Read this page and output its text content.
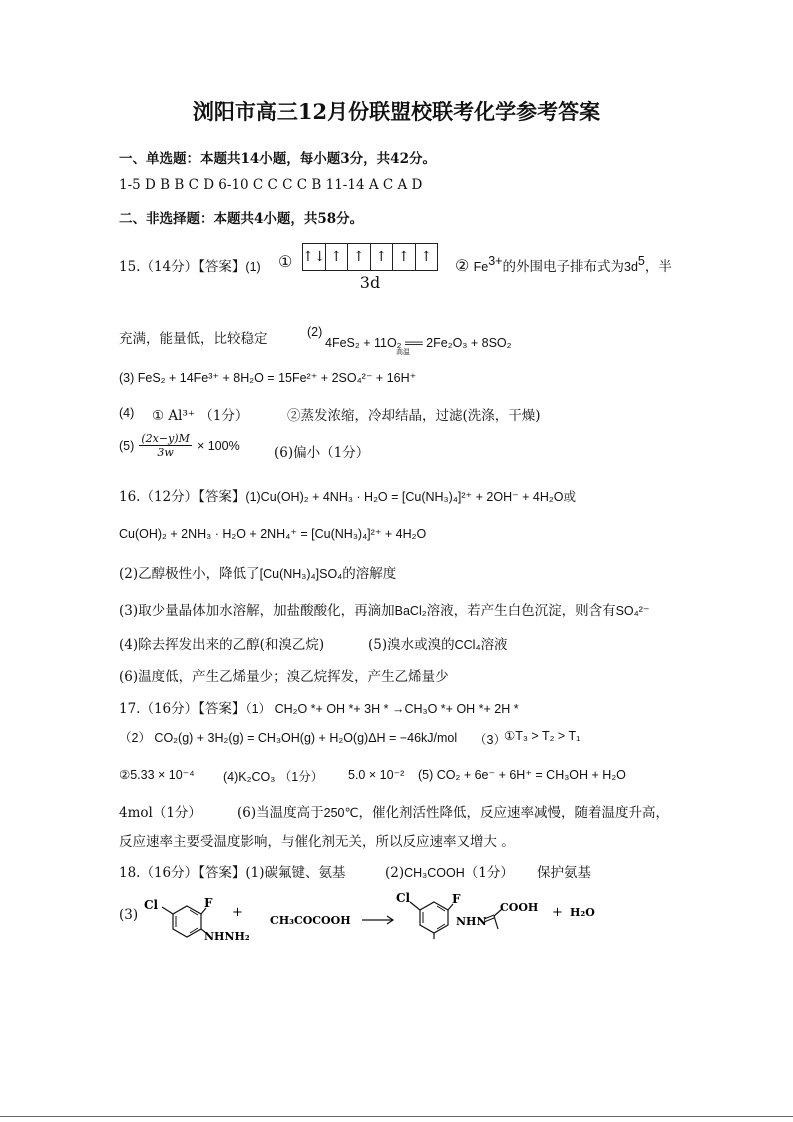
浏阳市高三12月份联盟校联考化学参考答案
一、单选题：本题共14小题，每小题3分，共42分。
1-5 D B B C D 6-10 C C C C B 11-14 A C A D
二、非选择题：本题共4小题，共58分。
15.（14分）【答案】(1) ① ↑↓ ↑ ↑ ↑ ↑ ↑
3d
② $Fe^{3+}$的外围电子排布式为$3d^5$，半
充满，能量低，比较稳定	(2)
4FeS₂ + 11O₂ ══ 2Fe₂O₃ + 8SO₂
高温
(3) FeS₂ + 14Fe³⁺ + 8H₂O = 15Fe²⁺ + 2SO₄²⁻ + 16H⁺
(4) ① Al³⁺ （1分）	②蒸发浓缩，冷却结晶，过滤(洗涤，干燥)
$(5) \frac{(2x-y)M}{3w} \times 100\%$	(6)偏小（1分）
16.（12分）【答案】(1)Cu(OH)₂ + 4NH₃ · H₂O = [Cu(NH₃)₄]²⁺ + 2OH⁻ + 4H₂O或
Cu(OH)₂ + 2NH₃ · H₂O + 2NH₄⁺ = [Cu(NH₃)₄]²⁺ + 4H₂O
(2)乙醇极性小，降低了[Cu(NH₃)₄]SO₄的溶解度
(3)取少量晶体加水溶解，加盐酸酸化，再滴加BaCl₂溶液，若产生白色沉淀，则含有SO₄²⁻
(4)除去挥发出来的乙醇(和溴乙烷)	(5)溴水或溴的CCl₄溶液
(6)温度低，产生乙烯量少；溴乙烷挥发，产生乙烯量少
17.（16分）【答案】（1） CH₂O *+ OH *+ 3H * →CH₃O *+ OH *+ 2H *
（2） CO₂(g) + 3H₂(g) = CH₃OH(g) + H₂O(g)ΔH = −46kJ/mol （3）
①T₃ > T₂ > T₁
②5.33 × 10⁻⁴ (4)K₂CO₃ （1分） 5.0 × 10⁻² (5) CO₂ + 6e⁻ + 6H⁺ = CH₃OH + H₂O
4mol（1分）	(6)当温度高于250℃，催化剂活性降低，反应速率减慢，随着温度升高，
反应速率主要受温度影响，与催化剂无关，所以反应速率又增大 。
18.（16分）【答案】(1)碳氟键、氨基	(2)CH₃COOH（1分） 保护氨基
(3)
Cl	F
NHNH₂
+
CH₃COCOOH
Cl	F
NHN
COOH + H₂O
